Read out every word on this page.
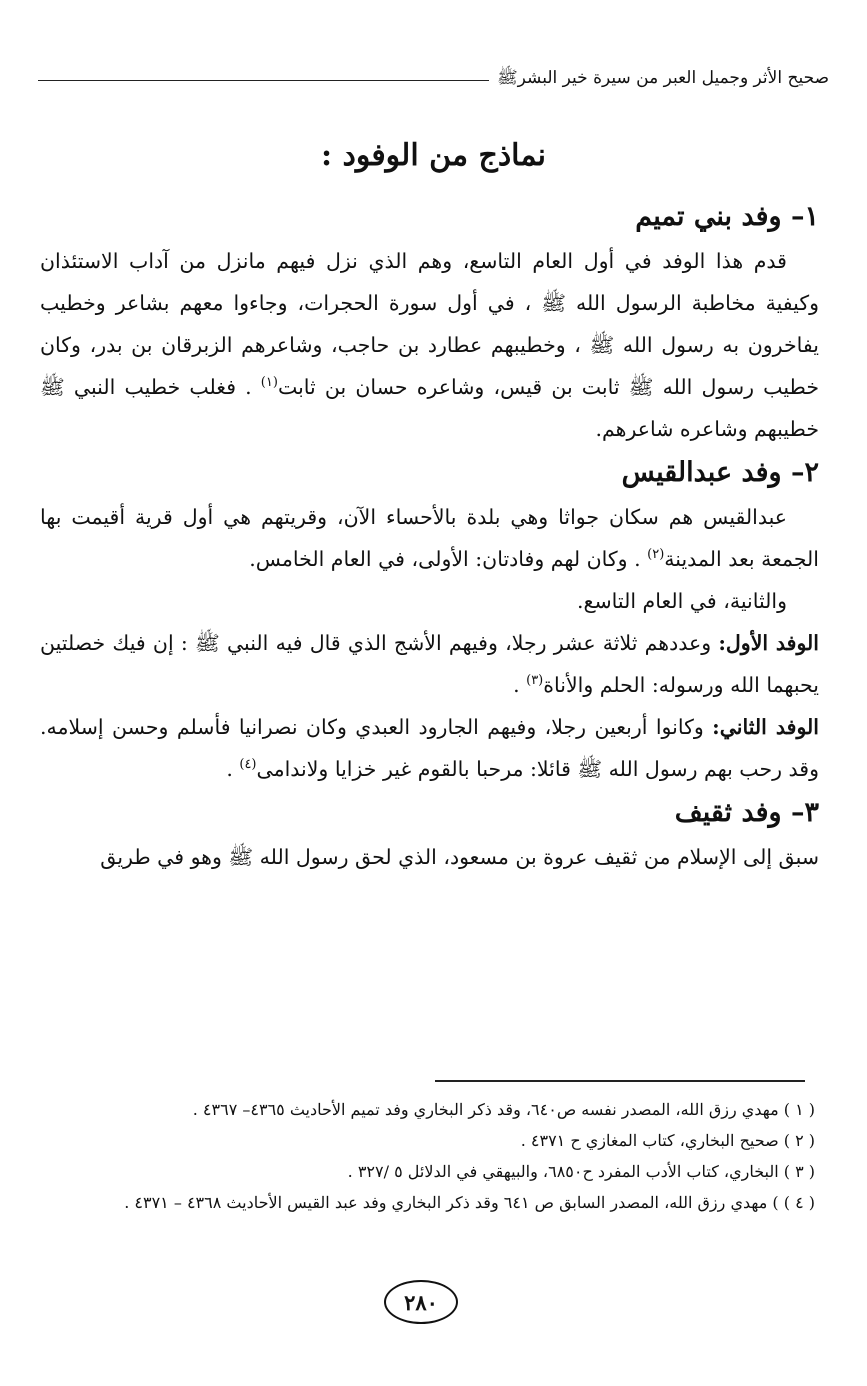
صحيح الأثر وجميل العبر من سيرة خير البشرﷺ
نماذج من الوفود :
١– وفد بني تميم

قدم هذا الوفد في أول العام التاسع، وهم الذي نزل فيهم مانزل من آداب الاستئذان وكيفية مخاطبة الرسول الله ﷺ ، في أول سورة الحجرات، وجاءوا معهم بشاعر وخطيب يفاخرون به رسول الله ﷺ ، وخطيبهم عطارد بن حاجب، وشاعرهم الزبرقان بن بدر، وكان خطيب رسول الله ﷺ ثابت بن قيس، وشاعره حسان بن ثابت$^{(١)}$ . فغلب خطيب النبي ﷺ خطيبهم وشاعره شاعرهم.

٢– وفد عبدالقيس

عبدالقيس هم سكان جواثا وهي بلدة بالأحساء الآن، وقريتهم هي أول قرية أقيمت بها الجمعة بعد المدينة$^{(٢)}$ . وكان لهم وفادتان: الأولى، في العام الخامس.

والثانية، في العام التاسع.

الوفد الأول: وعددهم ثلاثة عشر رجلا، وفيهم الأشج الذي قال فيه النبي ﷺ : إن فيك خصلتين يحبهما الله ورسوله: الحلم والأناة$^{(٣)}$ .

الوفد الثاني: وكانوا أربعين رجلا، وفيهم الجارود العبدي وكان نصرانيا فأسلم وحسن إسلامه. وقد رحب بهم رسول الله ﷺ قائلا: مرحبا بالقوم غير خزايا ولاندامى$^{(٤)}$ .

٣– وفد ثقيف

سبق إلى الإسلام من ثقيف عروة بن مسعود، الذي لحق رسول الله ﷺ وهو في طريق

( ١ ) مهدي رزق الله، المصدر نفسه ص٦٤٠، وقد ذكر البخاري وفد تميم الأحاديث ٤٣٦٥– ٤٣٦٧ .
( ٢ ) صحيح البخاري، كتاب المغازي ح ٤٣٧١ .
( ٣ ) البخاري، كتاب الأدب المفرد ح٦٨٥٠، والبيهقي في الدلائل ٥ /٣٢٧ .
( ٤ ) ) مهدي رزق الله، المصدر السابق ص ٦٤١ وقد ذكر البخاري وفد عبد القيس الأحاديث ٤٣٦٨ – ٤٣٧١ .
٢٨٠
